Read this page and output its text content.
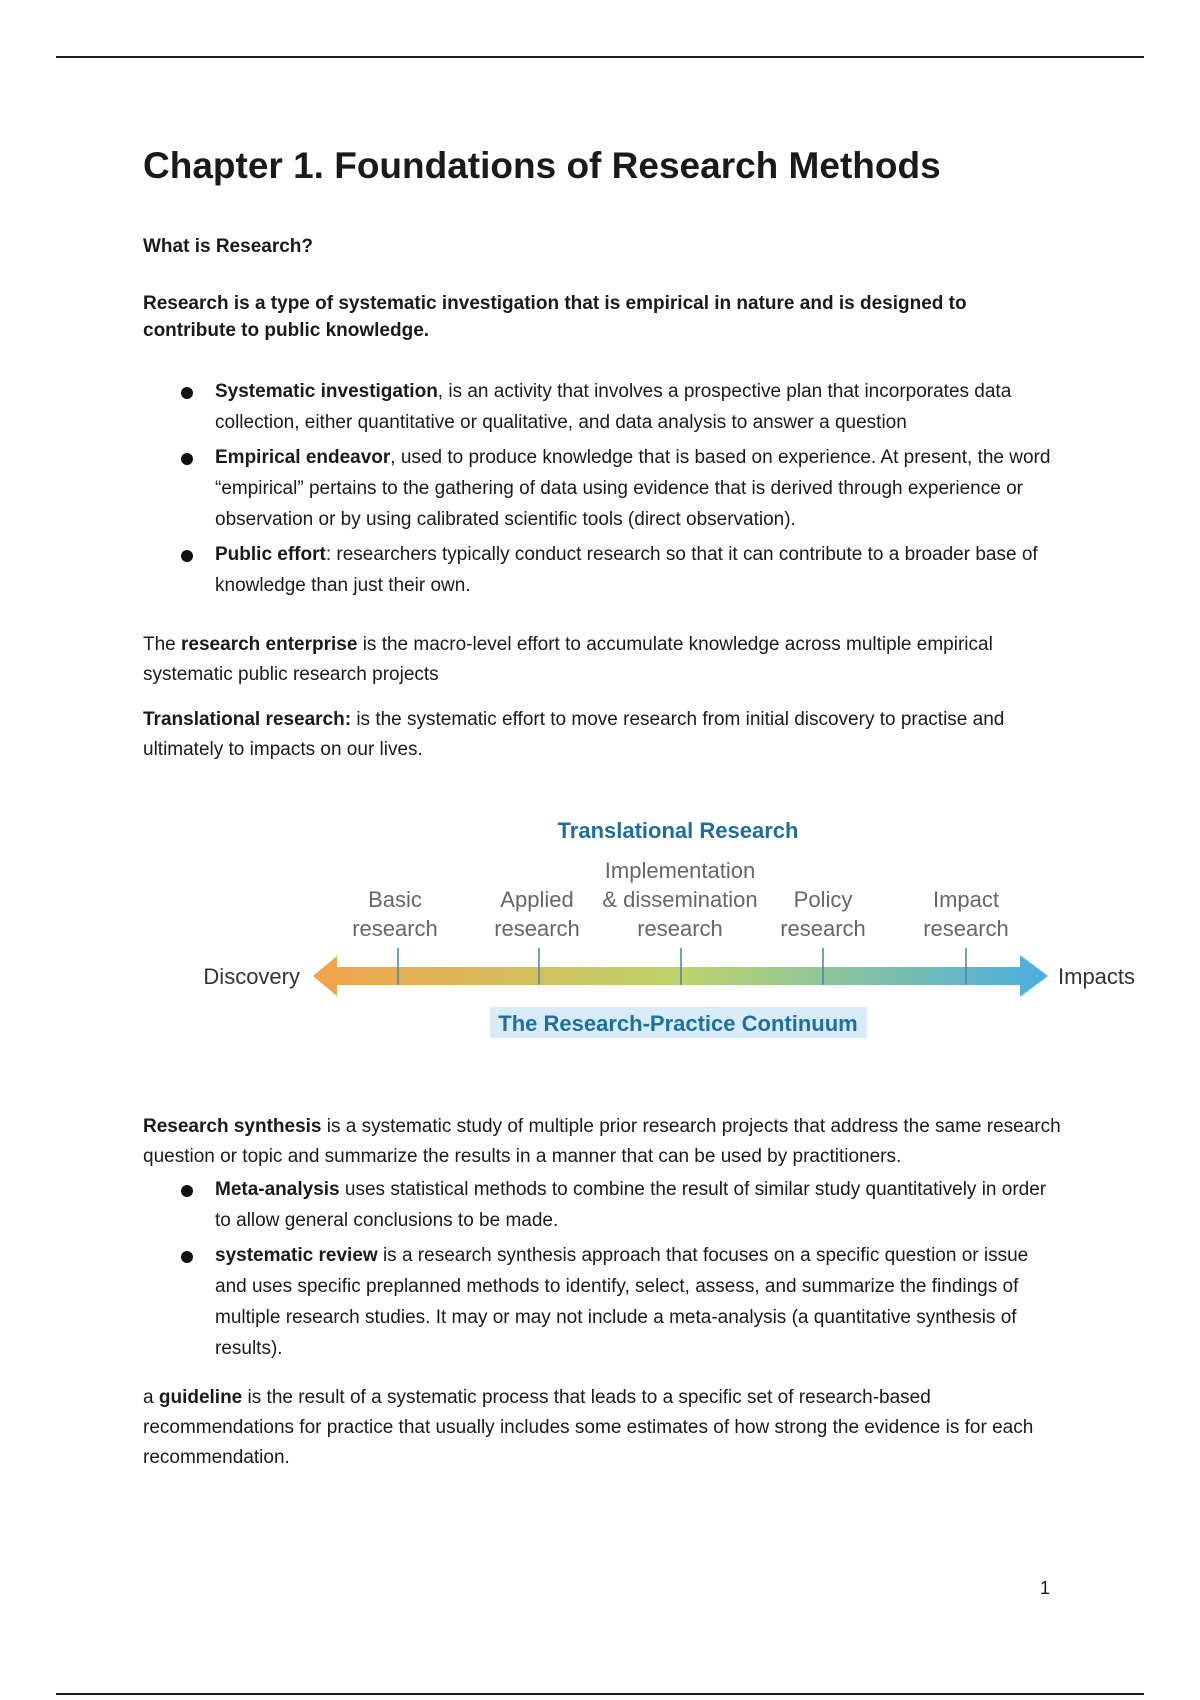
Chapter 1. Foundations of Research Methods
What is Research?
Research is a type of systematic investigation that is empirical in nature and is designed to contribute to public knowledge.
Systematic investigation, is an activity that involves a prospective plan that incorporates data collection, either quantitative or qualitative, and data analysis to answer a question
Empirical endeavor, used to produce knowledge that is based on experience. At present, the word “empirical” pertains to the gathering of data using evidence that is derived through experience or observation or by using calibrated scientific tools (direct observation).
Public effort: researchers typically conduct research so that it can contribute to a broader base of knowledge than just their own.

The research enterprise is the macro-level effort to accumulate knowledge across multiple empirical systematic public research projects

Translational research: is the systematic effort to move research from initial discovery to practise and ultimately to impacts on our lives.

Research synthesis is a systematic study of multiple prior research projects that address the same research question or topic and summarize the results in a manner that can be used by practitioners.

Meta-analysis uses statistical methods to combine the result of similar study quantitatively in order to allow general conclusions to be made.
systematic review is a research synthesis approach that focuses on a specific question or issue and uses specific preplanned methods to identify, select, assess, and summarize the findings of multiple research studies. It may or may not include a meta-analysis (a quantitative synthesis of results).

a guideline is the result of a systematic process that leads to a specific set of research-based recommendations for practice that usually includes some estimates of how strong the evidence is for each recommendation.

Translational Research
Basic
research
Applied
research
Implementation
& dissemination
research
Policy
research
Impact
research
Discovery	Impacts
The Research-Practice Continuum
1
